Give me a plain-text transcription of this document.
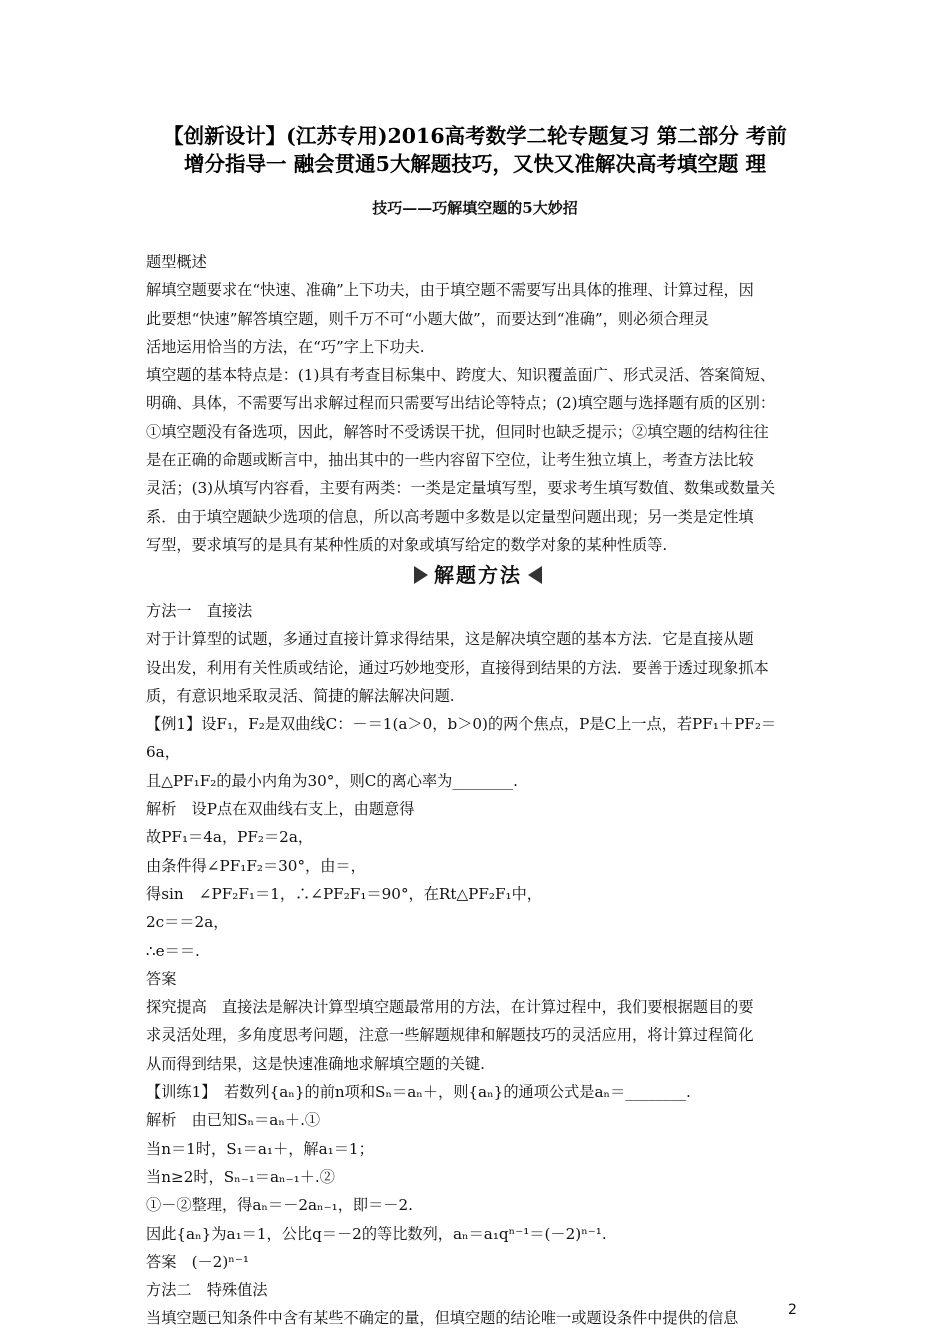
【创新设计】(江苏专用)2016高考数学二轮专题复习 第二部分 考前
增分指导一 融会贯通5大解题技巧，又快又准解决高考填空题 理
技巧——巧解填空题的5大妙招

题型概述

解填空题要求在“快速、准确”上下功夫，由于填空题不需要写出具体的推理、计算过程，因

此要想“快速”解答填空题，则千万不可“小题大做”，而要达到“准确”，则必须合理灵

活地运用恰当的方法，在“巧”字上下功夫.

填空题的基本特点是：(1)具有考查目标集中、跨度大、知识覆盖面广、形式灵活、答案简短、

明确、具体，不需要写出求解过程而只需要写出结论等特点；(2)填空题与选择题有质的区别：

①填空题没有备选项，因此，解答时不受诱误干扰，但同时也缺乏提示；②填空题的结构往往

是在正确的命题或断言中，抽出其中的一些内容留下空位，让考生独立填上，考查方法比较

灵活；(3)从填写内容看，主要有两类：一类是定量填写型，要求考生填写数值、数集或数量关

系．由于填空题缺少选项的信息，所以高考题中多数是以定量型问题出现；另一类是定性填

写型，要求填写的是具有某种性质的对象或填写给定的数学对象的某种性质等.

解题方法

方法一　直接法

对于计算型的试题，多通过直接计算求得结果，这是解决填空题的基本方法．它是直接从题

设出发，利用有关性质或结论，通过巧妙地变形，直接得到结果的方法．要善于透过现象抓本

质，有意识地采取灵活、简捷的解法解决问题.

【例1】设F₁，F₂是双曲线C：－＝1(a＞0，b＞0)的两个焦点，P是C上一点，若PF₁＋PF₂＝6a，

且△PF₁F₂的最小内角为30°，则C的离心率为________.

解析　设P点在双曲线右支上，由题意得

故PF₁＝4a，PF₂＝2a，

由条件得∠PF₁F₂＝30°，由＝，

得sin　∠PF₂F₁＝1，∴∠PF₂F₁＝90°，在Rt△PF₂F₁中，

2c＝＝2a，

∴e＝＝.

答案

探究提高　直接法是解决计算型填空题最常用的方法，在计算过程中，我们要根据题目的要

求灵活处理，多角度思考问题，注意一些解题规律和解题技巧的灵活应用，将计算过程简化

从而得到结果，这是快速准确地求解填空题的关键.

【训练1】　若数列{aₙ}的前n项和Sₙ＝aₙ＋，则{aₙ}的通项公式是aₙ＝________.

解析　由已知Sₙ＝aₙ＋.①

当n＝1时，S₁＝a₁＋，解a₁＝1；

当n≥2时，Sₙ₋₁＝aₙ₋₁＋.②

①－②整理，得aₙ＝－2aₙ₋₁，即＝－2.

因此{aₙ}为a₁＝1，公比q＝－2的等比数列，aₙ＝a₁qⁿ⁻¹＝(－2)ⁿ⁻¹.

答案　(－2)ⁿ⁻¹

方法二　特殊值法

当填空题已知条件中含有某些不确定的量，但填空题的结论唯一或题设条件中提供的信息	2
